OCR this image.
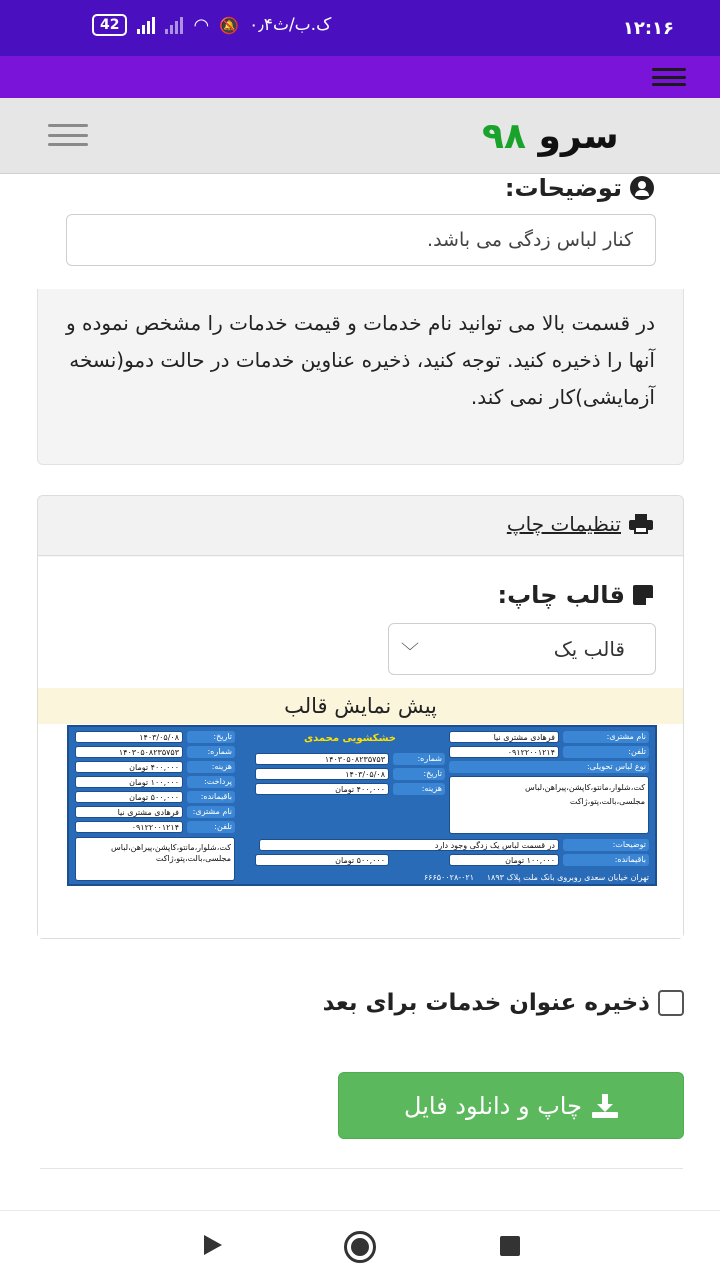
42	◠ 🔕 ۰٫۴ک.ب/ث	۱۲:۱۶
سرو ۹۸
توضیحات:
کنار لباس زدگی می باشد.

در قسمت بالا می توانید نام خدمات و قیمت خدمات را مشخص نموده و آنها را ذخیره کنید. توجه کنید، ذخیره عناوین خدمات در حالت دمو(نسخه آزمایشی)کار نمی کند.

تنظیمات چاپ
قالب چاپ:
قالب یک
﹀
پیش نمایش قالب
نام مشتری:
فرهادی مشتری نیا
تلفن:
۰۹۱۲۲۰۰۱۲۱۴
نوع لباس تحویلی:
کت،شلوار،مانتو،کاپشن،پیراهن،لباس مجلسی،بالت،پتو،ژاکت
توضیحات:
در قسمت لباس یک زدگی وجود دارد
باقیمانده:
۱۰۰,۰۰۰ تومان
خشکشویی محمدی
شماره:
۱۴۰۳۰۵۰۸۲۳۵۷۵۳
تاریخ:
۱۴۰۳/۰۵/۰۸
هزینه:
۴۰۰,۰۰۰ تومان
۵۰۰,۰۰۰ تومان
تاریخ:
۱۴۰۳/۰۵/۰۸
شماره:
۱۴۰۳۰۵۰۸۲۳۵۷۵۳
هزینه:
۴۰۰,۰۰۰ تومان
پرداخت:
۱۰۰,۰۰۰ تومان
باقیمانده:
۵۰۰,۰۰۰ تومان
نام مشتری:
فرهادی مشتری نیا
تلفن:
۰۹۱۲۲۰۰۱۲۱۴
کت،شلوار،مانتو،کاپشن،پیراهن،لباس مجلسی،بالت،پتو،ژاکت
تهران خیابان سعدی روبروی بانک ملت پلاک ۱۸۹۳     ۰۲۱-۶۶۶۵۰۰۲۸
ذخیره عنوان خدمات برای بعد
چاپ و دانلود فایل
